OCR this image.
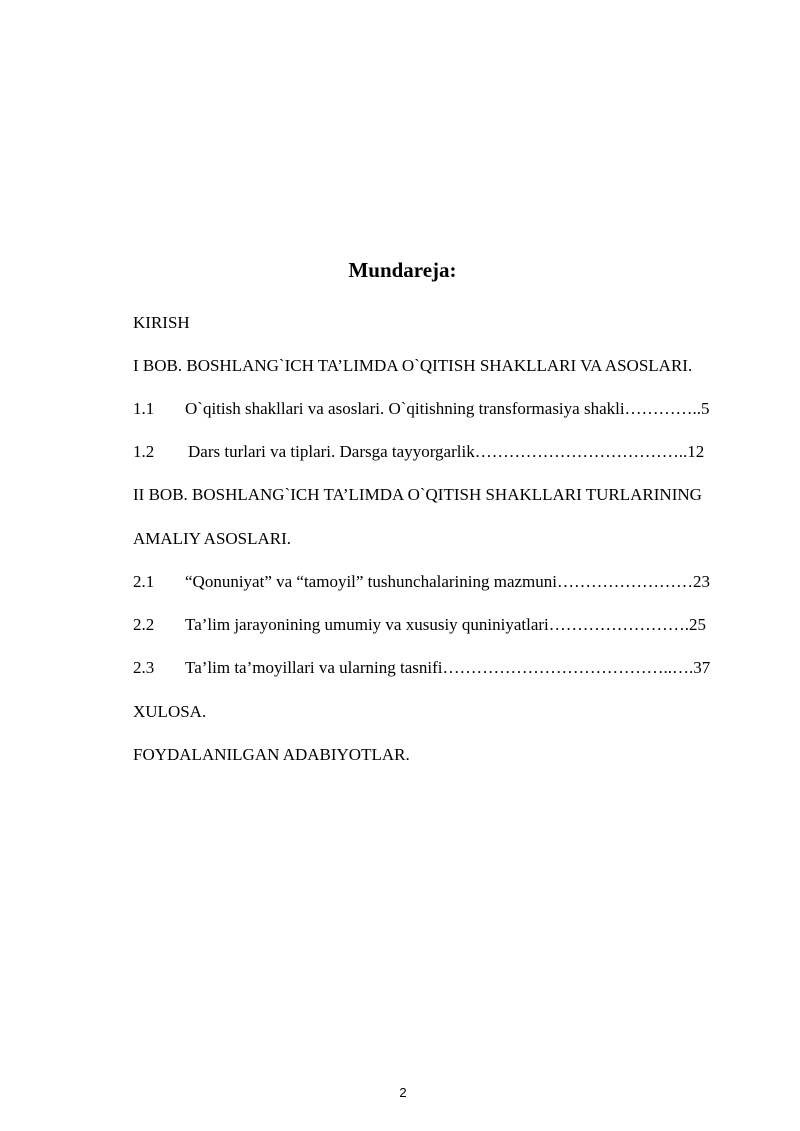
Mundareja:
KIRISH
I BOB. BOSHLANG`ICH TA’LIMDA O`QITISH SHAKLLARI VA ASOSLARI.
1.1 O`qitish shakllari va asoslari. O`qitishning transformasiya shakli…………..5
1.2 Dars turlari va tiplari. Darsga tayyorgarlik………………………………..12
II BOB. BOSHLANG`ICH TA’LIMDA O`QITISH SHAKLLARI TURLARINING
AMALIY ASOSLARI.
2.1 “Qonuniyat” va “tamoyil” tushunchalarining mazmuni……………………23
2.2 Ta’lim jarayonining umumiy va xususiy quniniyatlari…………………….25
2.3 Ta’lim ta’moyillari va ularning tasnifi…………………………………..….37
XULOSA.
FOYDALANILGAN ADABIYOTLAR.
2
